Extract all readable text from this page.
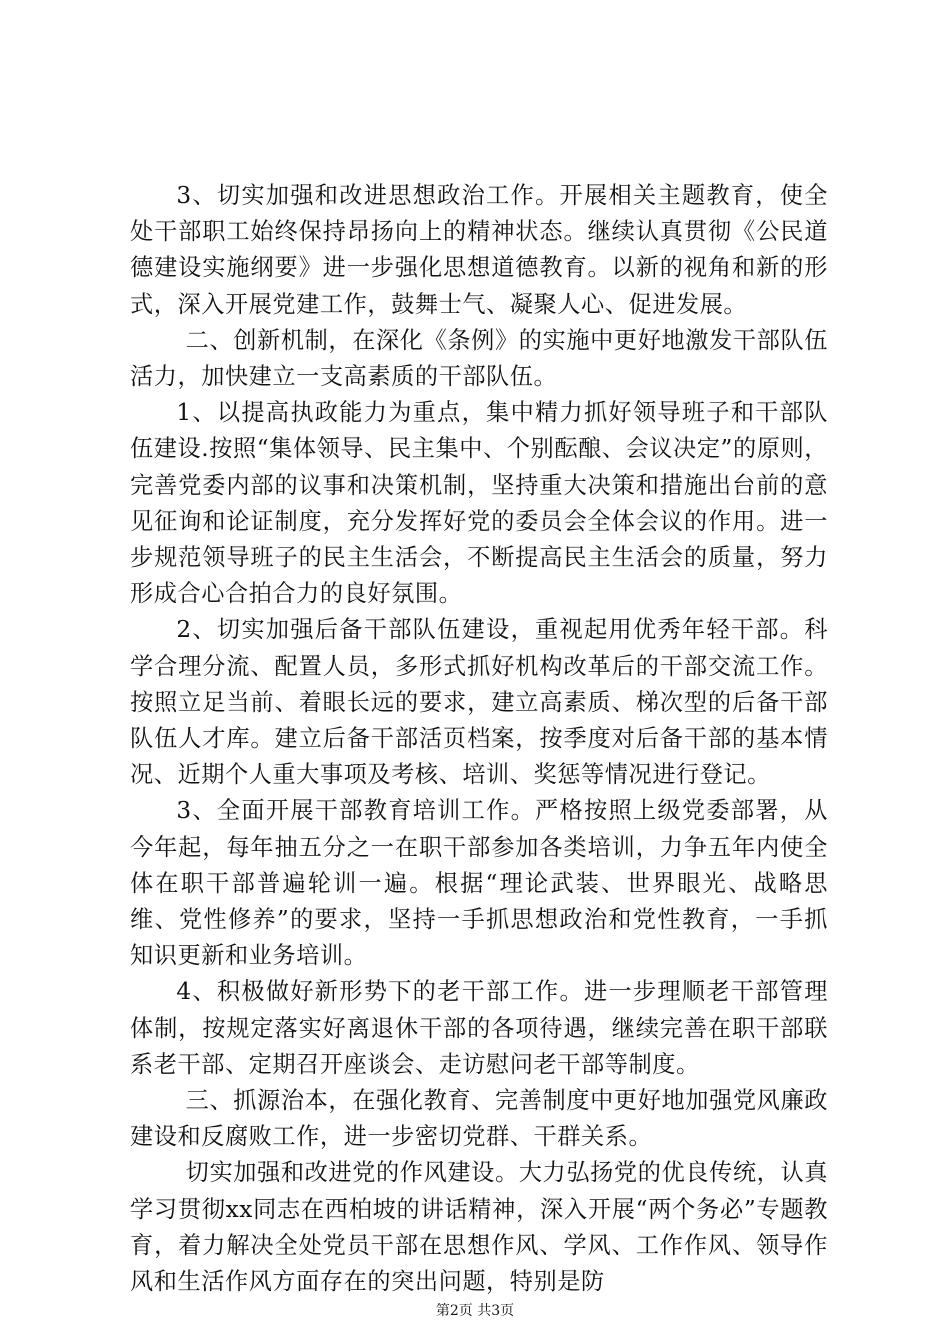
3、切实加强和改进思想政治工作。开展相关主题教育，使全处干部职工始终保持昂扬向上的精神状态。继续认真贯彻《公民道德建设实施纲要》进一步强化思想道德教育。以新的视角和新的形式，深入开展党建工作，鼓舞士气、凝聚人心、促进发展。

二、创新机制，在深化《条例》的实施中更好地激发干部队伍活力，加快建立一支高素质的干部队伍。

1、以提高执政能力为重点，集中精力抓好领导班子和干部队伍建设.按照“集体领导、民主集中、个别酝酿、会议决定”的原则，完善党委内部的议事和决策机制，坚持重大决策和措施出台前的意见征询和论证制度，充分发挥好党的委员会全体会议的作用。进一步规范领导班子的民主生活会，不断提高民主生活会的质量，努力形成合心合拍合力的良好氛围。

2、切实加强后备干部队伍建设，重视起用优秀年轻干部。科学合理分流、配置人员，多形式抓好机构改革后的干部交流工作。按照立足当前、着眼长远的要求，建立高素质、梯次型的后备干部队伍人才库。建立后备干部活页档案，按季度对后备干部的基本情况、近期个人重大事项及考核、培训、奖惩等情况进行登记。

3、全面开展干部教育培训工作。严格按照上级党委部署，从今年起，每年抽五分之一在职干部参加各类培训，力争五年内使全体在职干部普遍轮训一遍。根据“理论武装、世界眼光、战略思维、党性修养”的要求，坚持一手抓思想政治和党性教育，一手抓知识更新和业务培训。

4、积极做好新形势下的老干部工作。进一步理顺老干部管理体制，按规定落实好离退休干部的各项待遇，继续完善在职干部联系老干部、定期召开座谈会、走访慰问老干部等制度。

三、抓源治本，在强化教育、完善制度中更好地加强党风廉政建设和反腐败工作，进一步密切党群、干群关系。

切实加强和改进党的作风建设。大力弘扬党的优良传统，认真学习贯彻xx同志在西柏坡的讲话精神，深入开展“两个务必”专题教育，着力解决全处党员干部在思想作风、学风、工作作风、领导作风和生活作风方面存在的突出问题，特别是防

第2页 共3页
